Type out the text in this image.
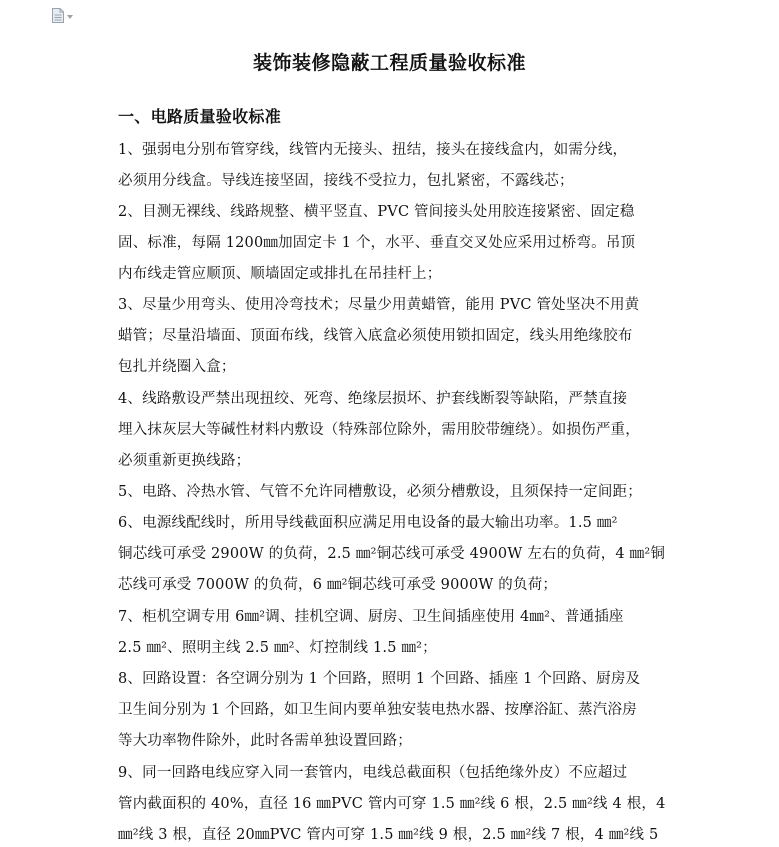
装饰装修隐蔽工程质量验收标准
一、电路质量验收标准
1、强弱电分别布管穿线，线管内无接头、扭结，接头在接线盒内，如需分线，
必须用分线盒。导线连接坚固，接线不受拉力，包扎紧密，不露线芯；
2、目测无裸线、线路规整、横平竖直、PVC 管间接头处用胶连接紧密、固定稳
固、标准，每隔 1200㎜加固定卡 1 个，水平、垂直交叉处应采用过桥弯。吊顶
内布线走管应顺顶、顺墙固定或排扎在吊挂杆上；
3、尽量少用弯头、使用冷弯技术；尽量少用黄蜡管，能用 PVC 管处坚决不用黄
蜡管；尽量沿墙面、顶面布线，线管入底盒必须使用锁扣固定，线头用绝缘胶布
包扎并绕圈入盒；
4、线路敷设严禁出现扭绞、死弯、绝缘层损坏、护套线断裂等缺陷，严禁直接
埋入抹灰层大等碱性材料内敷设（特殊部位除外，需用胶带缠绕）。如损伤严重，
必须重新更换线路；
5、电路、冷热水管、气管不允许同槽敷设，必须分槽敷设，且须保持一定间距；
6、电源线配线时，所用导线截面积应满足用电设备的最大输出功率。1.5 ㎜²
铜芯线可承受 2900W 的负荷，2.5 ㎜²铜芯线可承受 4900W 左右的负荷，4 ㎜²铜
芯线可承受 7000W 的负荷，6 ㎜²铜芯线可承受 9000W 的负荷；
7、柜机空调专用 6㎜²调、挂机空调、厨房、卫生间插座使用 4㎜²、普通插座
2.5 ㎜²、照明主线 2.5 ㎜²、灯控制线 1.5 ㎜²；
8、回路设置：各空调分别为 1 个回路，照明 1 个回路、插座 1 个回路、厨房及
卫生间分别为 1 个回路，如卫生间内要单独安装电热水器、按摩浴缸、蒸汽浴房
等大功率物件除外，此时各需单独设置回路；
9、同一回路电线应穿入同一套管内，电线总截面积（包括绝缘外皮）不应超过
管内截面积的 40%，直径 16 ㎜PVC 管内可穿 1.5 ㎜²线 6 根，2.5 ㎜²线 4 根，4
㎜²线 3 根，直径 20㎜PVC 管内可穿 1.5 ㎜²线 9 根，2.5 ㎜²线 7 根，4 ㎜²线 5
